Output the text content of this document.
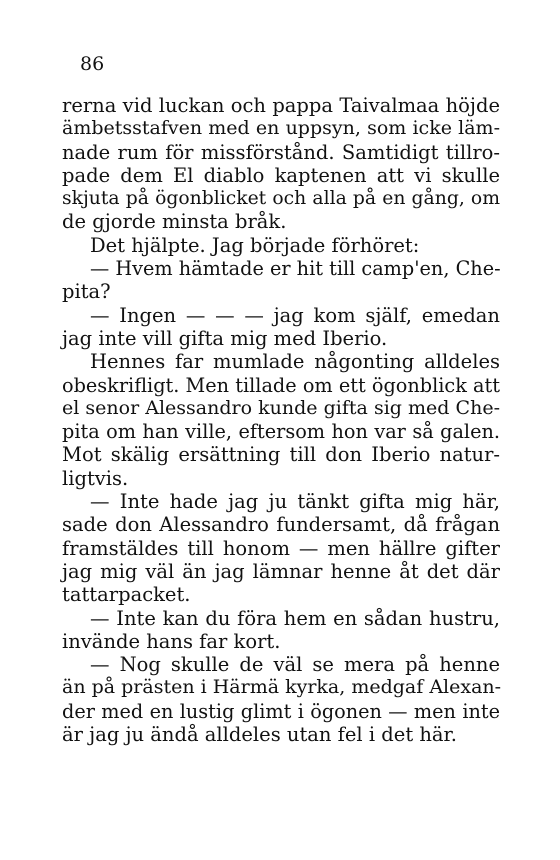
86
rerna vid luckan och pappa Taivalmaa höjde
ämbetsstafven med en uppsyn, som icke läm-
nade rum för missförstånd. Samtidigt tillro-
pade dem El diablo kaptenen att vi skulle
skjuta på ögonblicket och alla på en gång, om
de gjorde minsta bråk.
Det hjälpte. Jag började förhöret:
— Hvem hämtade er hit till camp'en, Che-
pita?
— Ingen — — — jag kom själf, emedan
jag inte vill gifta mig med Iberio.
Hennes far mumlade någonting alldeles
obeskrifligt. Men tillade om ett ögonblick att
el senor Alessandro kunde gifta sig med Che-
pita om han ville, eftersom hon var så galen.
Mot skälig ersättning till don Iberio natur-
ligtvis.
— Inte hade jag ju tänkt gifta mig här,
sade don Alessandro fundersamt, då frågan
framstäldes till honom — men hällre gifter
jag mig väl än jag lämnar henne åt det där
tattarpacket.
— Inte kan du föra hem en sådan hustru,
invände hans far kort.
— Nog skulle de väl se mera på henne
än på prästen i Härmä kyrka, medgaf Alexan-
der med en lustig glimt i ögonen — men inte
är jag ju ändå alldeles utan fel i det här.
